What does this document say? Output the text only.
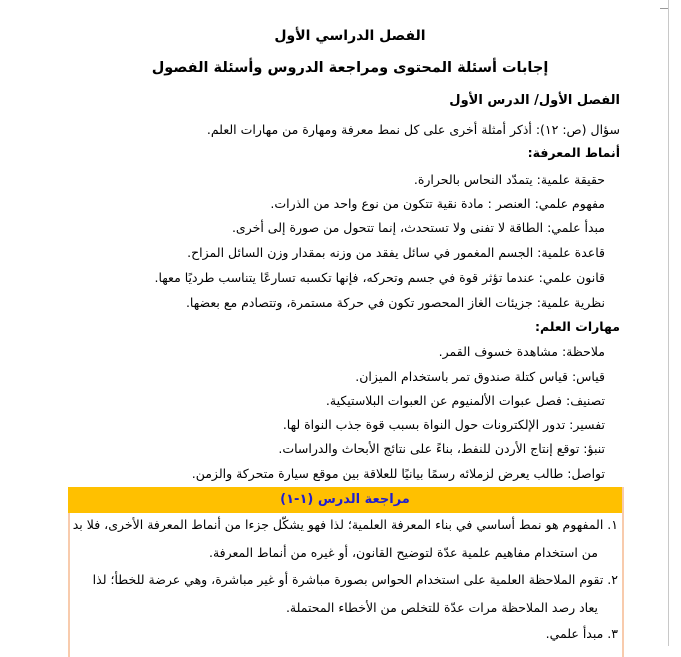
الفصل الدراسي الأول
إجابات أسئلة المحتوى ومراجعة الدروس وأسئلة الفصول
الفصل الأول/ الدرس الأول
سؤال (ص: ١٢): أذكر أمثلة أخرى على كل نمط معرفة ومهارة من مهارات العلم.
أنماط المعرفة:
حقيقة علمية: يتمدّد النحاس بالحرارة.
مفهوم علمي: العنصر : مادة نقية تتكون من نوع واحد من الذرات.
مبدأ علمي: الطاقة لا تفنى ولا تستحدث، إنما تتحول من صورة إلى أخرى.
قاعدة علمية: الجسم المغمور في سائل يفقد من وزنه بمقدار وزن السائل المزاح.
قانون علمي: عندما تؤثر قوة في جسم وتحركه، فإنها تكسبه تسارعًا يتناسب طرديًا معها.
نظرية علمية: جزيئات الغاز المحصور تكون في حركة مستمرة، وتتصادم مع بعضها.
مهارات العلم:
ملاحظة: مشاهدة خسوف القمر.
قياس: قياس كتلة صندوق تمر باستخدام الميزان.
تصنيف: فصل عبوات الألمنيوم عن العبوات البلاستيكية.
تفسير: تدور الإلكترونات حول النواة بسبب قوة جذب النواة لها.
تنبؤ: توقع إنتاج الأردن للنفط، بناءً على نتائج الأبحاث والدراسات.
تواصل: طالب يعرض لزملائه رسمًا بيانيًا للعلاقة بين موقع سيارة متحركة والزمن.
مراجعة الدرس (١-١)
١. المفهوم هو نمط أساسي في بناء المعرفة العلمية؛ لذا فهو يشكّل جزءا من أنماط المعرفة الأخرى، فلا بد
من استخدام مفاهيم علمية عدّة لتوضيح القانون، أو غيره من أنماط المعرفة.
٢. تقوم الملاحظة العلمية على استخدام الحواس بصورة مباشرة أو غير مباشرة، وهي عرضة للخطأ؛ لذا
يعاد رصد الملاحظة مرات عدّة للتخلص من الأخطاء المحتملة.
٣. مبدأ علمي.
